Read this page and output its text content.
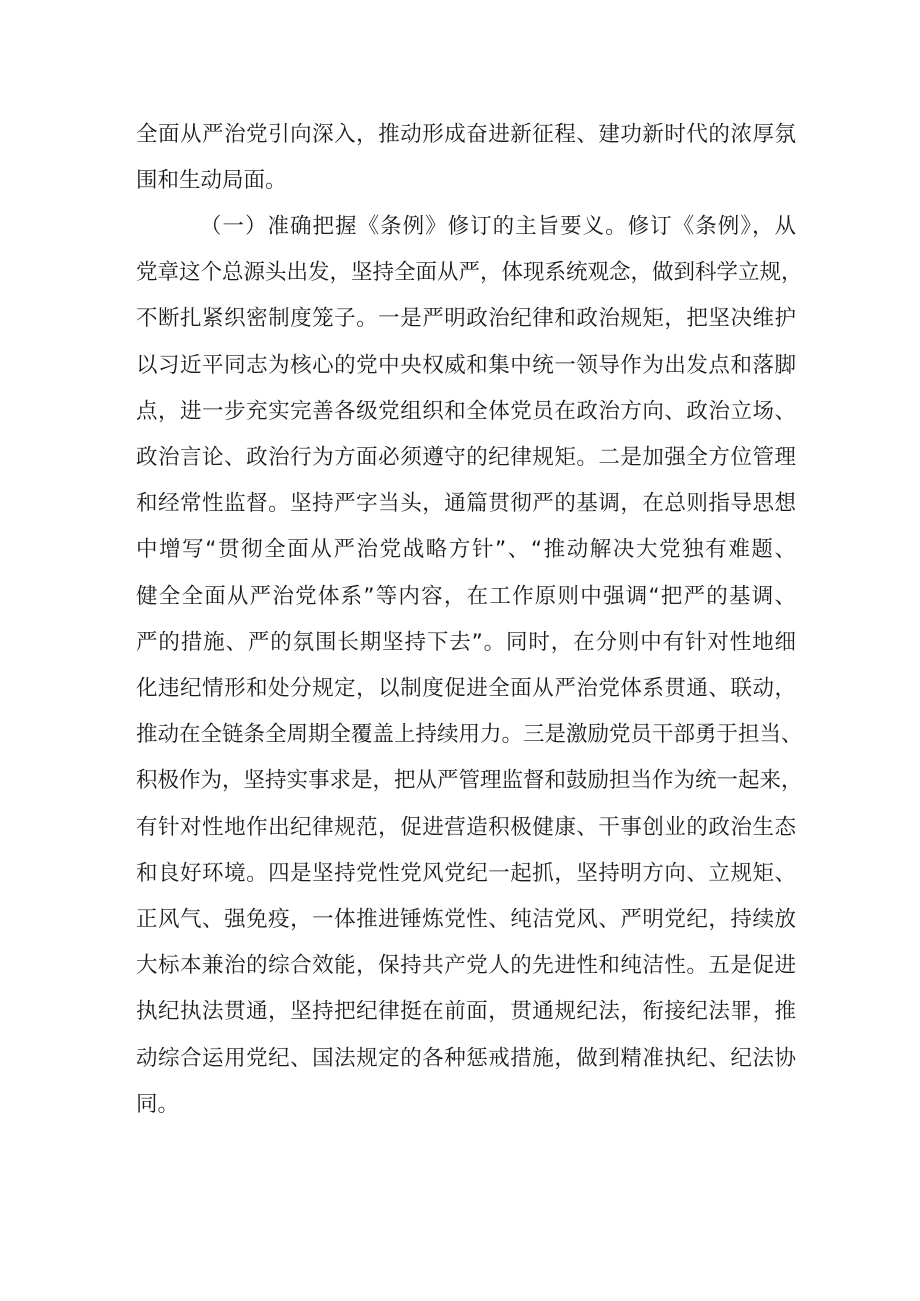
全面从严治党引向深入，推动形成奋进新征程、建功新时代的浓厚氛
围和生动局面。
（一）准确把握《条例》修订的主旨要义。修订《条例》，从
党章这个总源头出发，坚持全面从严，体现系统观念，做到科学立规，
不断扎紧织密制度笼子。一是严明政治纪律和政治规矩，把坚决维护
以习近平同志为核心的党中央权威和集中统一领导作为出发点和落脚
点，进一步充实完善各级党组织和全体党员在政治方向、政治立场、
政治言论、政治行为方面必须遵守的纪律规矩。二是加强全方位管理
和经常性监督。坚持严字当头，通篇贯彻严的基调，在总则指导思想
中增写“贯彻全面从严治党战略方针”、“推动解决大党独有难题、
健全全面从严治党体系”等内容，在工作原则中强调“把严的基调、
严的措施、严的氛围长期坚持下去”。同时，在分则中有针对性地细
化违纪情形和处分规定，以制度促进全面从严治党体系贯通、联动，
推动在全链条全周期全覆盖上持续用力。三是激励党员干部勇于担当、
积极作为，坚持实事求是，把从严管理监督和鼓励担当作为统一起来，
有针对性地作出纪律规范，促进营造积极健康、干事创业的政治生态
和良好环境。四是坚持党性党风党纪一起抓，坚持明方向、立规矩、
正风气、强免疫，一体推进锤炼党性、纯洁党风、严明党纪，持续放
大标本兼治的综合效能，保持共产党人的先进性和纯洁性。五是促进
执纪执法贯通，坚持把纪律挺在前面，贯通规纪法，衔接纪法罪，推
动综合运用党纪、国法规定的各种惩戒措施，做到精准执纪、纪法协
同。
